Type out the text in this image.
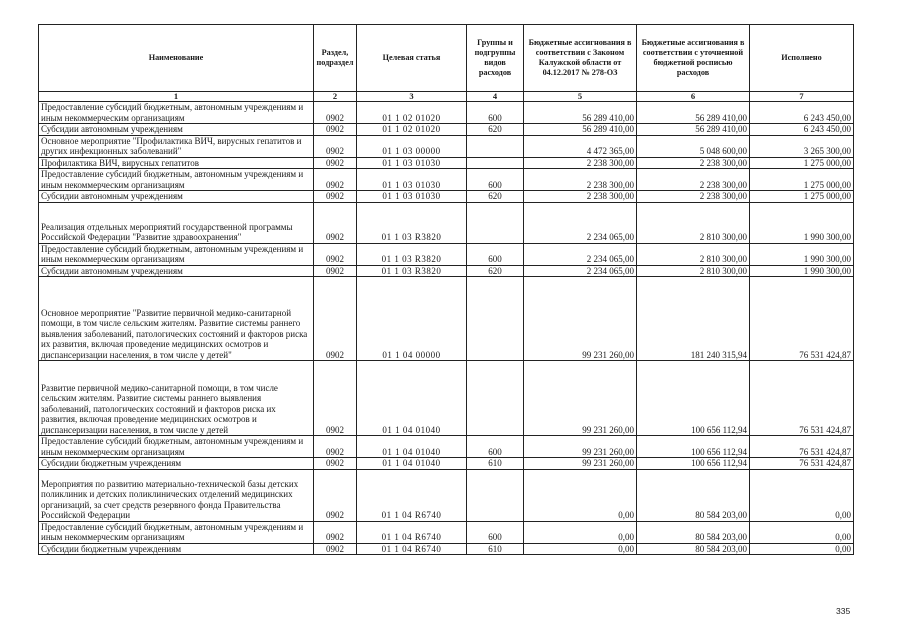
Наименование	Раздел, подраздел	Целевая статья	Группы и подгруппы видов расходов	Бюджетные ассигнования в соответствии с Законом Калужской области от 04.12.2017 № 278-ОЗ	Бюджетные ассигнования в соответствии с уточненной бюджетной росписью расходов	Исполнено
1	2	3	4	5	6	7
Предоставление субсидий бюджетным, автономным учреждениям и иным некоммерческим организациям	0902	01 1 02 01020	600	56 289 410,00	56 289 410,00	6 243 450,00
Субсидии автономным учреждениям	0902	01 1 02 01020	620	56 289 410,00	56 289 410,00	6 243 450,00
Основное мероприятие "Профилактика ВИЧ, вирусных гепатитов и других инфекционных заболеваний"	0902	01 1 03 00000		4 472 365,00	5 048 600,00	3 265 300,00
Профилактика ВИЧ, вирусных гепатитов	0902	01 1 03 01030		2 238 300,00	2 238 300,00	1 275 000,00
Предоставление субсидий бюджетным, автономным учреждениям и иным некоммерческим организациям	0902	01 1 03 01030	600	2 238 300,00	2 238 300,00	1 275 000,00
Субсидии автономным учреждениям	0902	01 1 03 01030	620	2 238 300,00	2 238 300,00	1 275 000,00
Реализация отдельных мероприятий государственной программы Российской Федерации "Развитие здравоохранения"	0902	01 1 03 R3820		2 234 065,00	2 810 300,00	1 990 300,00
Предоставление субсидий бюджетным, автономным учреждениям и иным некоммерческим организациям	0902	01 1 03 R3820	600	2 234 065,00	2 810 300,00	1 990 300,00
Субсидии автономным учреждениям	0902	01 1 03 R3820	620	2 234 065,00	2 810 300,00	1 990 300,00
Основное мероприятие "Развитие первичной медико-санитарной помощи, в том числе сельским жителям. Развитие системы раннего выявления заболеваний, патологических состояний и факторов риска их развития, включая проведение медицинских осмотров и диспансеризации населения, в том числе у детей"	0902	01 1 04 00000		99 231 260,00	181 240 315,94	76 531 424,87
Развитие первичной медико-санитарной помощи, в том числе сельским жителям. Развитие системы раннего выявления заболеваний, патологических состояний и факторов риска их развития, включая проведение медицинских осмотров и диспансеризации населения, в том числе у детей	0902	01 1 04 01040		99 231 260,00	100 656 112,94	76 531 424,87
Предоставление субсидий бюджетным, автономным учреждениям и иным некоммерческим организациям	0902	01 1 04 01040	600	99 231 260,00	100 656 112,94	76 531 424,87
Субсидии бюджетным учреждениям	0902	01 1 04 01040	610	99 231 260,00	100 656 112,94	76 531 424,87
Мероприятия по развитию материально-технической базы детских поликлиник и детских поликлинических отделений медицинских организаций, за счет средств резервного фонда Правительства Российской Федерации	0902	01 1 04 R6740		0,00	80 584 203,00	0,00
Предоставление субсидий бюджетным, автономным учреждениям и иным некоммерческим организациям	0902	01 1 04 R6740	600	0,00	80 584 203,00	0,00
Субсидии бюджетным учреждениям	0902	01 1 04 R6740	610	0,00	80 584 203,00	0,00
335
